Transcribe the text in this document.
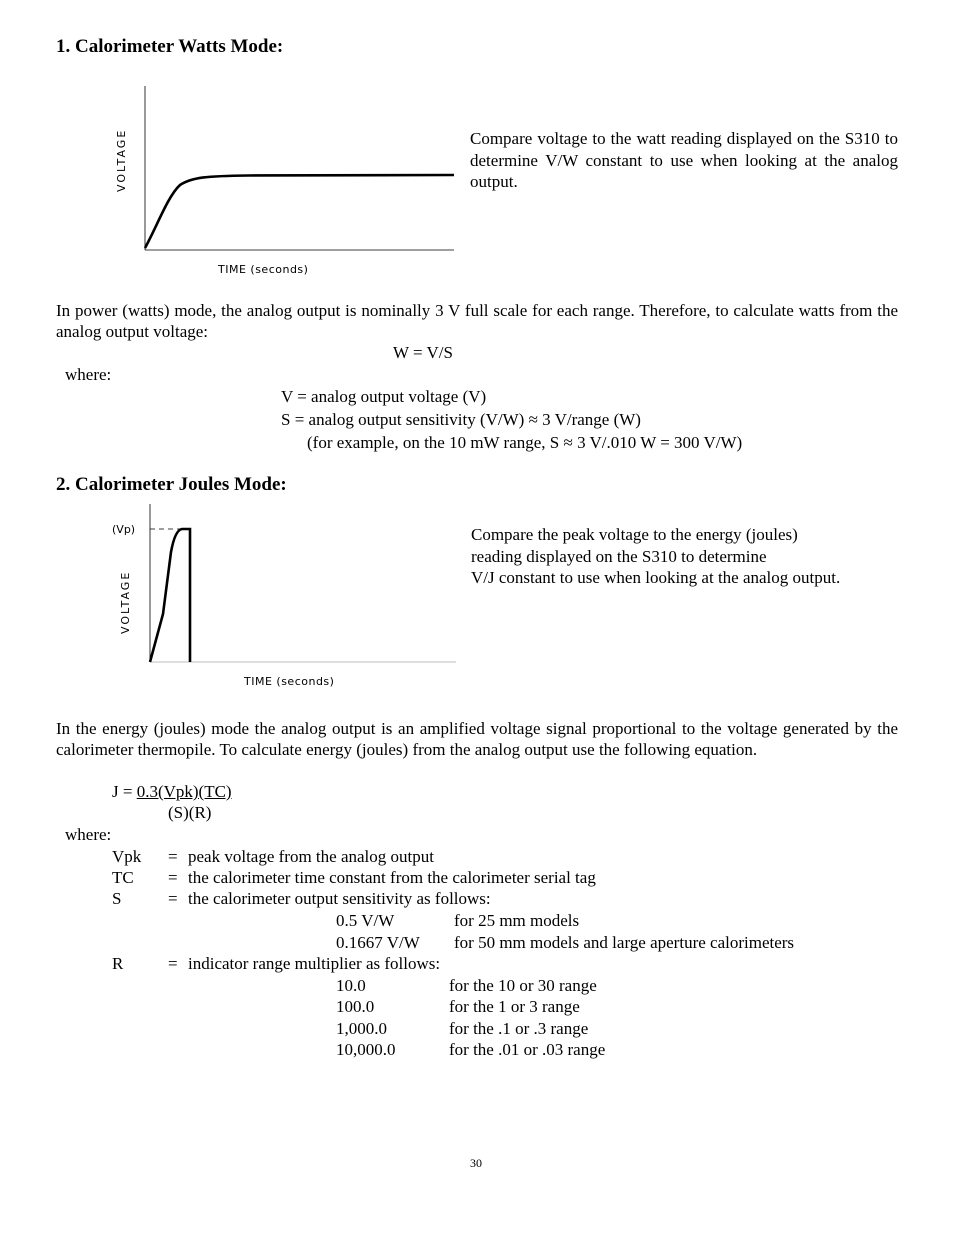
1. Calorimeter Watts Mode:
VOLTAGE
TIME (seconds)
Compare voltage to the watt reading displayed on the S310 to determine V/W constant to use when looking at the analog output.
In power (watts) mode, the analog output is nominally 3 V full scale for each range. Therefore, to calculate watts from the analog output voltage:
W = V/S
where:
V = analog output voltage (V)
S = analog output sensitivity (V/W) ≈ 3 V/range (W)
(for example, on the 10 mW range, S ≈ 3 V/.010 W = 300 V/W)
2. Calorimeter Joules Mode:
(Vp)
VOLTAGE
TIME (seconds)
Compare the peak voltage to the energy (joules)
reading displayed on the S310 to determine
V/J constant to use when looking at the analog output.
In the energy (joules) mode the analog output is an amplified voltage signal proportional to the voltage generated by the calorimeter thermopile. To calculate energy (joules) from the analog output use the following equation.
J = 0.3(Vpk)(TC)
(S)(R)
where:
Vpk = peak voltage from the analog output
TC = the calorimeter time constant from the calorimeter serial tag
S	= the calorimeter output sensitivity as follows:
0.5 V/W	for 25 mm models
0.1667 V/W for 50 mm models and large aperture calorimeters
R	= indicator range multiplier as follows:
10.0	for the 10 or 30 range
100.0	for the 1 or 3 range
1,000.0	for the .1 or .3 range
10,000.0	for the .01 or .03 range
30
